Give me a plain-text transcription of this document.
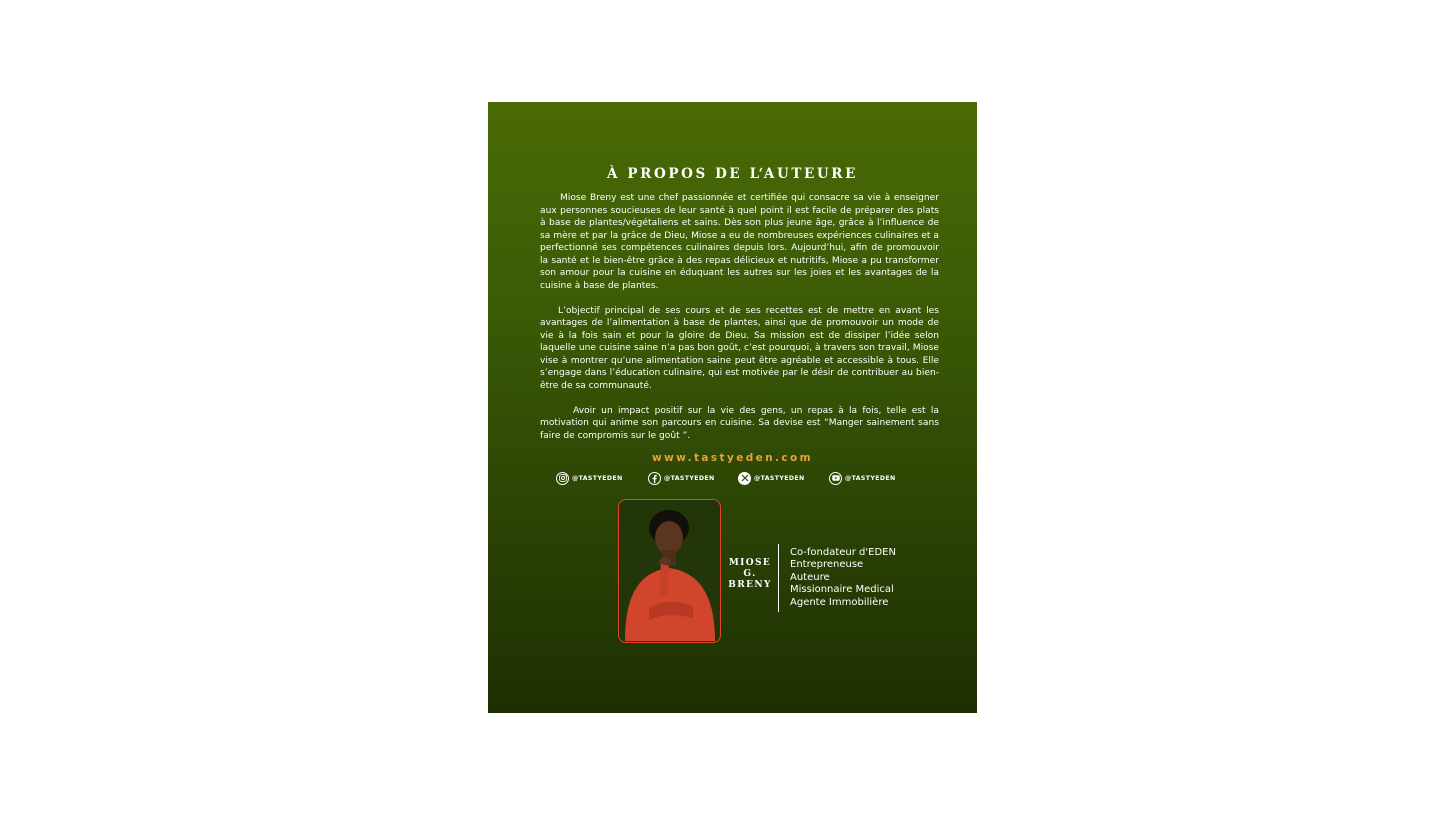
À PROPOS DE L‘AUTEURE

Miose Breny est une chef passionnée et certifiée qui consacre sa vie à enseigner aux personnes soucieuses de leur santé à quel point il est facile de préparer des plats à base de plantes/végétaliens et sains. Dès son plus jeune âge, grâce à l’influence de sa mère et par la grâce de Dieu, Miose a eu de nombreuses expériences culinaires et a perfectionné ses compétences culinaires depuis lors. Aujourd’hui, afin de promouvoir la santé et le bien-être grâce à des repas délicieux et nutritifs, Miose a pu transformer son amour pour la cuisine en éduquant les autres sur les joies et les avantages de la cuisine à base de plantes.

L’objectif principal de ses cours et de ses recettes est de mettre en avant les avantages de l’alimentation à base de plantes, ainsi que de promouvoir un mode de vie à la fois sain et pour la gloire de Dieu. Sa mission est de dissiper l’idée selon laquelle une cuisine saine n’a pas bon goût, c’est pourquoi, à travers son travail, Miose vise à montrer qu’une alimentation saine peut être agréable et accessible à tous. Elle s’engage dans l’éducation culinaire, qui est motivée par le désir de contribuer au bien-être de sa communauté.

Avoir un impact positif sur la vie des gens, un repas à la fois, telle est la motivation qui anime son parcours en cuisine. Sa devise est “Manger sainement sans faire de compromis sur le goût ”.

www.tastyeden.com
@TASTYEDEN	@TASTYEDEN	@TASTYEDEN	@TASTYEDEN
MIOSE
G.
BRENY
Co-fondateur d'EDEN
Entrepreneuse
Auteure
Missionnaire Medical
Agente Immobilière
